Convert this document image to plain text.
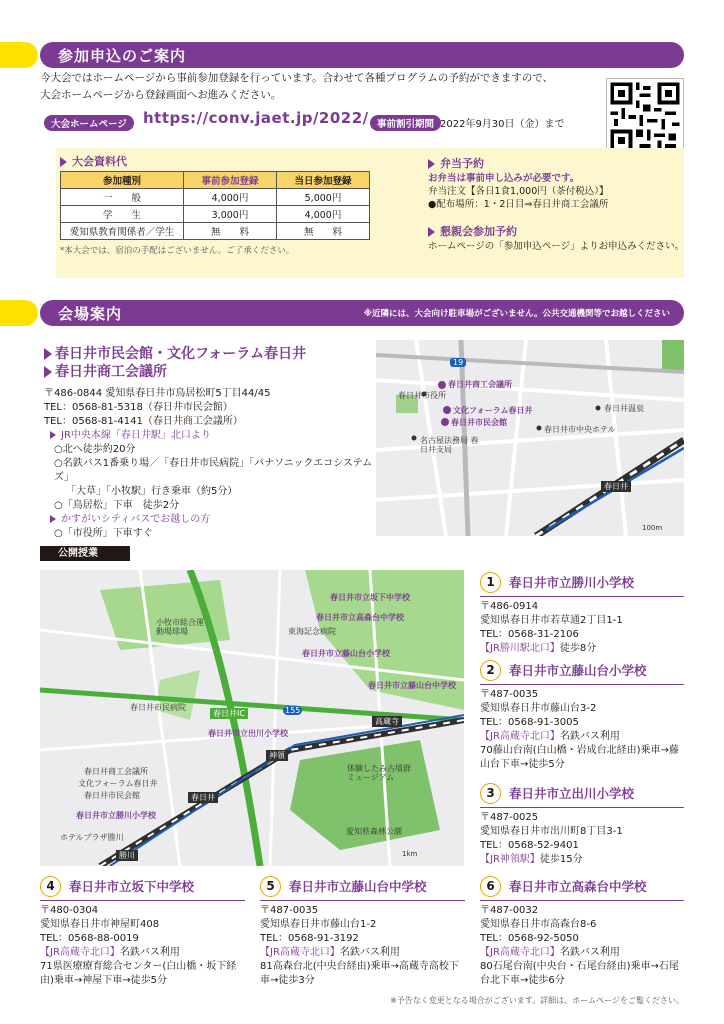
参加申込のご案内
今大会ではホームページから事前参加登録を行っています。合わせて各種プログラムの予約ができますので、
大会ホームページから登録画面へお進みください。
大会ホームページ	https://conv.jaet.jp/2022/ 事前割引期間 2022年9月30日（金）まで
大会資料代
参加種別	事前参加登録	当日参加登録
一　　般	4,000円	5,000円
学　　生	3,000円	4,000円
愛知県教育関係者／学生	無　　料	無　　料
*本大会では、宿泊の手配はございません。ご了承ください。
弁当予約
お弁当は事前申し込みが必要です。
弁当注文【各日1食1,000円（茶付税込）】
●配布場所：1・2日目⇒春日井商工会議所
懇親会参加予約
ホームページの「参加申込ページ」よりお申込みください。
会場案内	※近隣には、大会向け駐車場がございません。公共交通機関等でお越しください
春日井市民会館・文化フォーラム春日井
春日井商工会議所
〒486-0844 愛知県春日井市鳥居松町5丁目44/45
TEL：0568-81-5318（春日井市民会館）
TEL：0568-81-4141（春日井商工会議所）
JR中央本線「春日井駅」北口より
○北へ徒歩約20分
○名鉄バス1番乗り場／「春日井市民病院」「パナソニックエコシステムズ」
「大草」「小牧駅」行き乗車（約5分）
○「鳥居松」下車　徒歩2分
かすがいシティバスでお越しの方
○「市役所」下車すぐ
春日井商工会議所
春日井市役所
文化フォーラム春日井
春日井市民会館
名古屋法務局 春日井支局
春日井温泉
春日井市中央ホテル
春日井
19
100m
公開授業
小牧市総合運動場球場	東海記念病院
春日井市民病院
春日井IC	155
高蔵寺
神領
体験したみ古墳群ミュージアム
春日井商工会議所
文化フォーラム春日井
春日井市民会館	春日井
ホテルプラザ勝川
勝川
愛知県森林公園
1km
春日井市立坂下中学校
春日井市立高森台中学校
春日井市立藤山台小学校
春日井市立藤山台中学校
春日井市立出川小学校
春日井市立勝川小学校
1	春日井市立勝川小学校
〒486-0914
愛知県春日井市若草通2丁目1-1
TEL：0568-31-2106
【JR勝川駅北口】徒歩8分
2	春日井市立藤山台小学校
〒487-0035
愛知県春日井市藤山台3-2
TEL：0568-91-3005
【JR高蔵寺北口】名鉄バス利用
70藤山台南(白山橋・岩成台北経由)乗車→藤山台下車→徒歩5分
3	春日井市立出川小学校
〒487-0025
愛知県春日井市出川町8丁目3-1
TEL：0568-52-9401
【JR神領駅】徒歩15分
4	春日井市立坂下中学校
〒480-0304
愛知県春日井市神屋町408
TEL：0568-88-0019
【JR高蔵寺北口】名鉄バス利用
71県医療療育総合センター(白山橋・坂下経由)乗車→神屋下車→徒歩5分
5	春日井市立藤山台中学校
〒487-0035
愛知県春日井市藤山台1-2
TEL：0568-91-3192
【JR高蔵寺北口】名鉄バス利用
81高森台北(中央台経由)乗車→高蔵寺高校下車→徒歩3分
6	春日井市立高森台中学校
〒487-0032
愛知県春日井市高森台8-6
TEL：0568-92-5050
【JR高蔵寺北口】名鉄バス利用
80石尾台南(中央台・石尾台経由)乗車→石尾台北下車→徒歩6分
※予告なく変更となる場合がございます。詳細は、ホームページをご覧ください。
